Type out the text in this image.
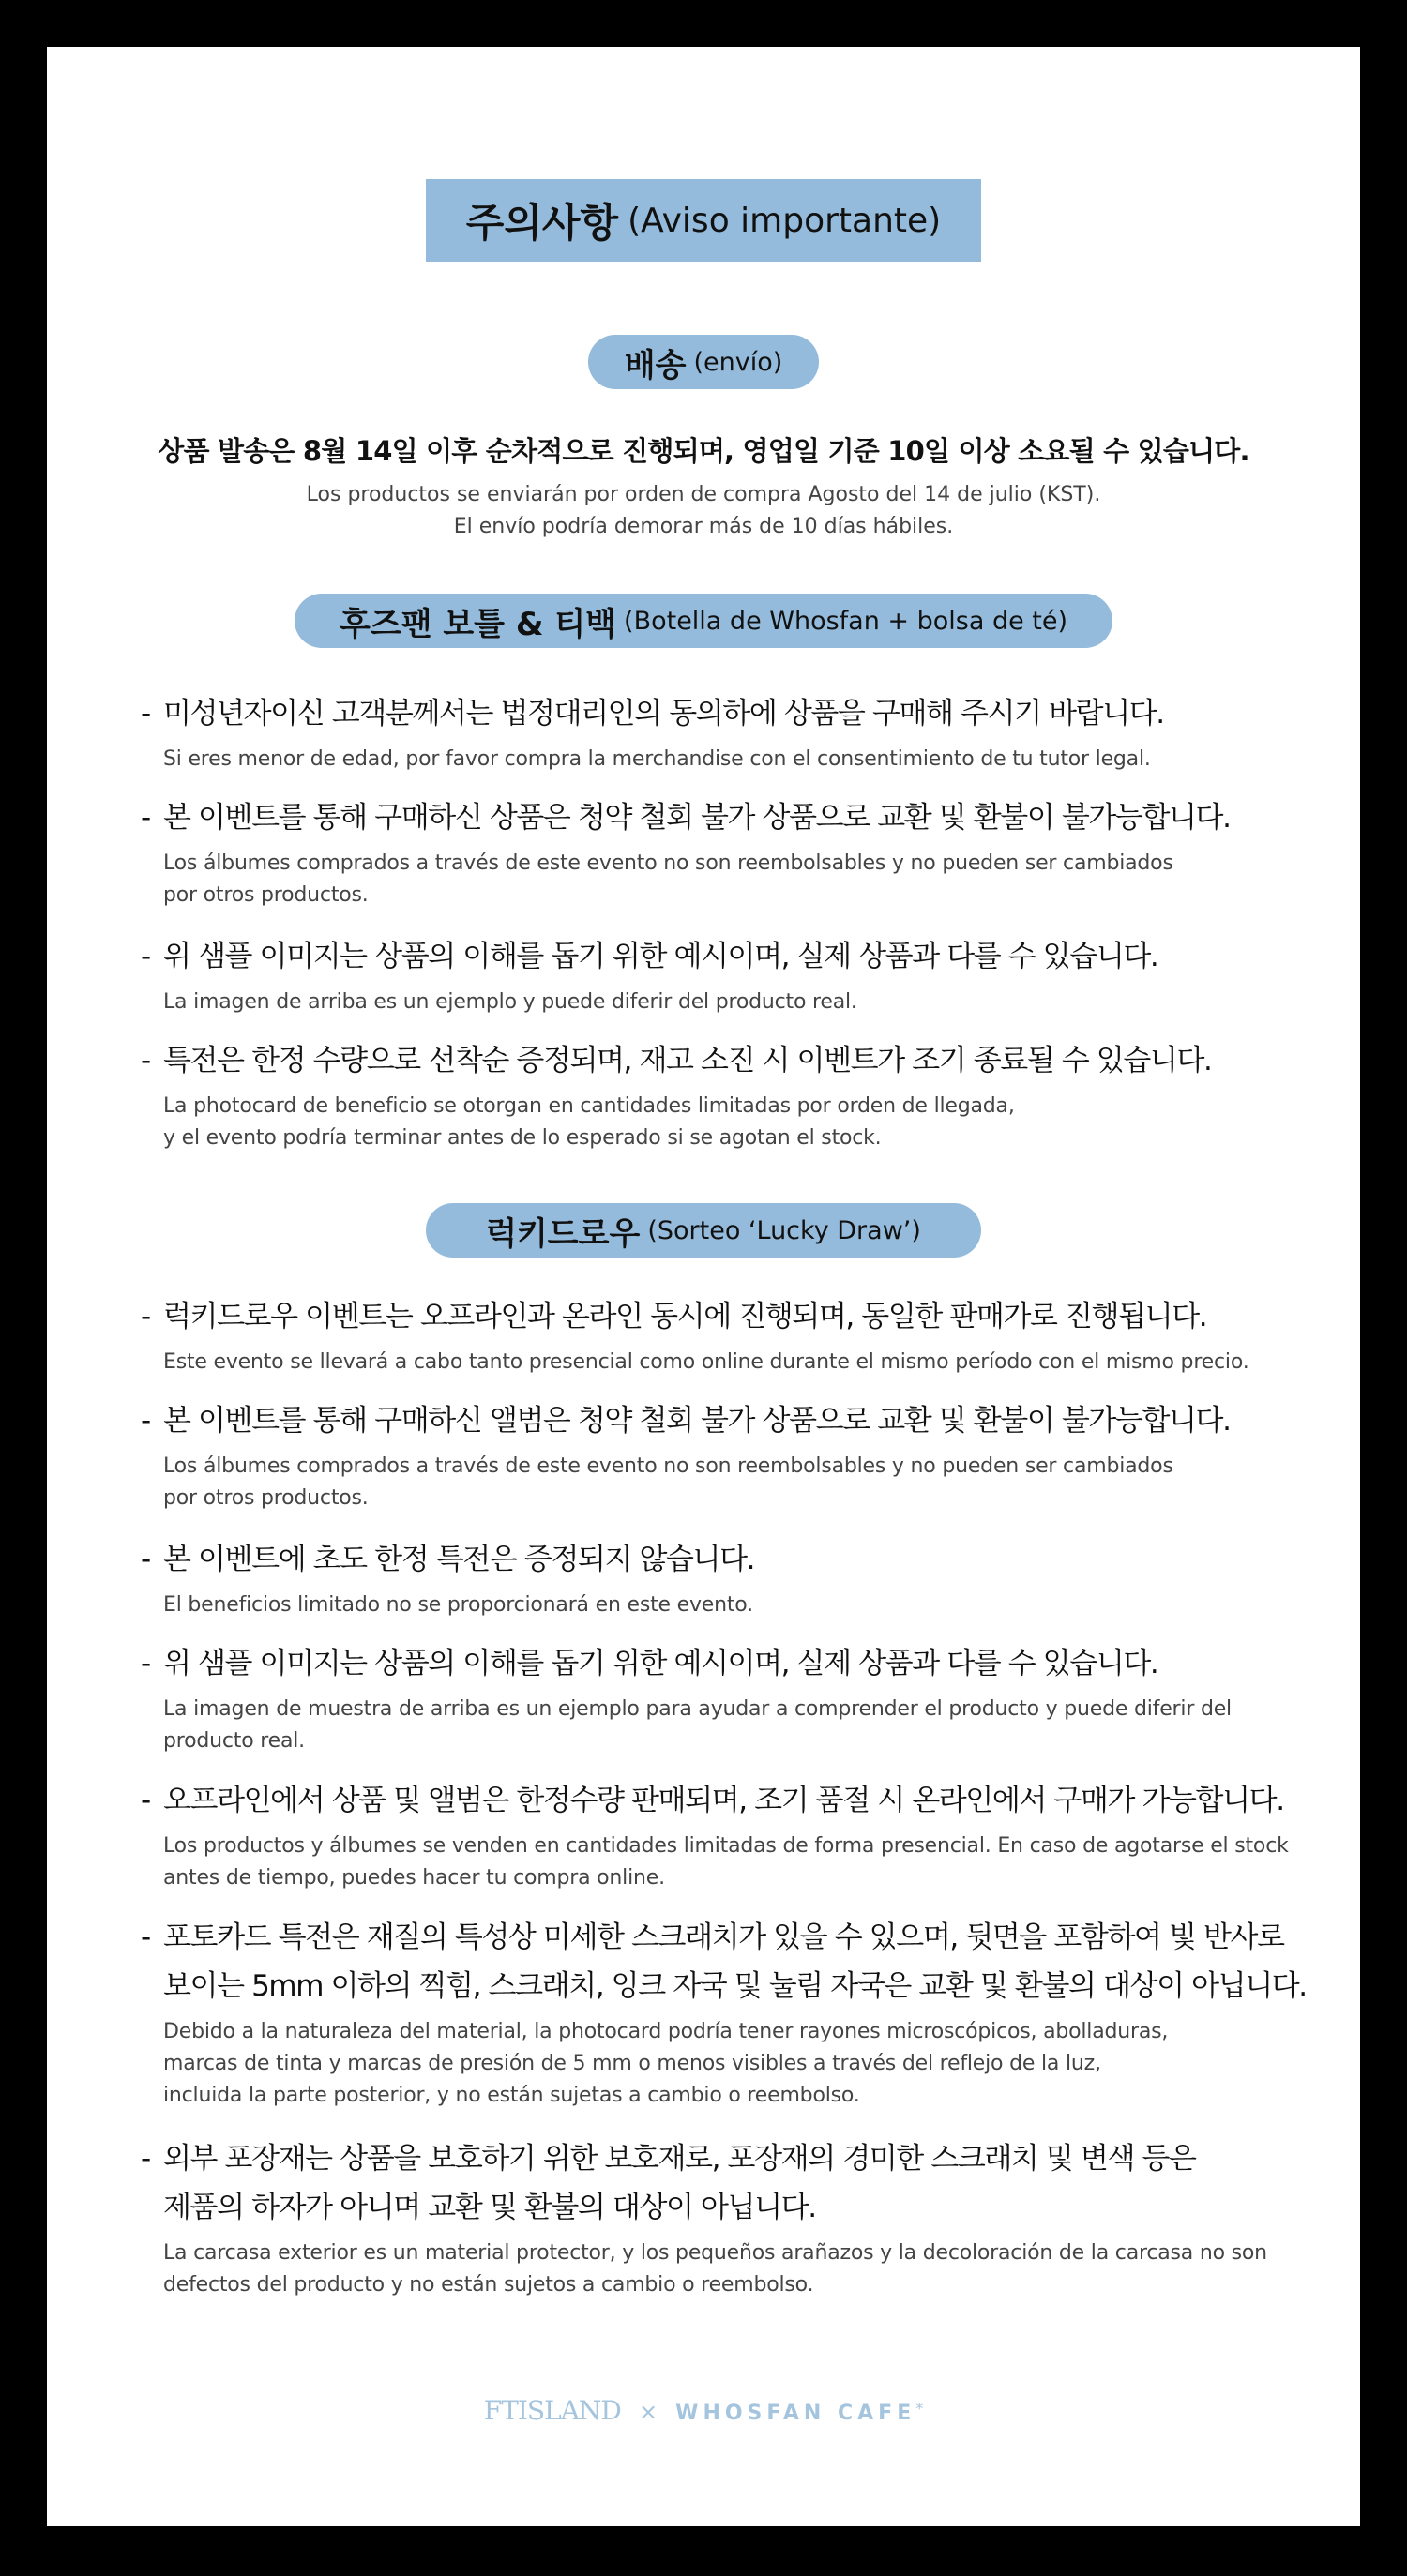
주의사항 (Aviso importante)
배송 (envío)
상품 발송은 8월 14일 이후 순차적으로 진행되며, 영업일 기준 10일 이상 소요될 수 있습니다.
Los productos se enviarán por orden de compra Agosto del 14 de julio (KST).
El envío podría demorar más de 10 días hábiles.
후즈팬 보틀 & 티백 (Botella de Whosfan + bolsa de té)
- 미성년자이신 고객분께서는 법정대리인의 동의하에 상품을 구매해 주시기 바랍니다.
Si eres menor de edad, por favor compra la merchandise con el consentimiento de tu tutor legal.
- 본 이벤트를 통해 구매하신 상품은 청약 철회 불가 상품으로 교환 및 환불이 불가능합니다.
Los álbumes comprados a través de este evento no son reembolsables y no pueden ser cambiados
por otros productos.
- 위 샘플 이미지는 상품의 이해를 돕기 위한 예시이며, 실제 상품과 다를 수 있습니다.
La imagen de arriba es un ejemplo y puede diferir del producto real.
- 특전은 한정 수량으로 선착순 증정되며, 재고 소진 시 이벤트가 조기 종료될 수 있습니다.
La photocard de beneficio se otorgan en cantidades limitadas por orden de llegada,
y el evento podría terminar antes de lo esperado si se agotan el stock.
럭키드로우 (Sorteo ‘Lucky Draw’)
- 럭키드로우 이벤트는 오프라인과 온라인 동시에 진행되며, 동일한 판매가로 진행됩니다.
Este evento se llevará a cabo tanto presencial como online durante el mismo período con el mismo precio.
- 본 이벤트를 통해 구매하신 앨범은 청약 철회 불가 상품으로 교환 및 환불이 불가능합니다.
Los álbumes comprados a través de este evento no son reembolsables y no pueden ser cambiados
por otros productos.
- 본 이벤트에 초도 한정 특전은 증정되지 않습니다.
El beneficios limitado no se proporcionará en este evento.
- 위 샘플 이미지는 상품의 이해를 돕기 위한 예시이며, 실제 상품과 다를 수 있습니다.
La imagen de muestra de arriba es un ejemplo para ayudar a comprender el producto y puede diferir del
producto real.
- 오프라인에서 상품 및 앨범은 한정수량 판매되며, 조기 품절 시 온라인에서 구매가 가능합니다.
Los productos y álbumes se venden en cantidades limitadas de forma presencial. En caso de agotarse el stock
antes de tiempo, puedes hacer tu compra online.
- 포토카드 특전은 재질의 특성상 미세한 스크래치가 있을 수 있으며, 뒷면을 포함하여 빛 반사로
보이는 5mm 이하의 찍힘, 스크래치, 잉크 자국 및 눌림 자국은 교환 및 환불의 대상이 아닙니다.
Debido a la naturaleza del material, la photocard podría tener rayones microscópicos, abolladuras,
marcas de tinta y marcas de presión de 5 mm o menos visibles a través del reflejo de la luz,
incluida la parte posterior, y no están sujetas a cambio o reembolso.
- 외부 포장재는 상품을 보호하기 위한 보호재로, 포장재의 경미한 스크래치 및 변색 등은
제품의 하자가 아니며 교환 및 환불의 대상이 아닙니다.
La carcasa exterior es un material protector, y los pequeños arañazos y la decoloración de la carcasa no son
defectos del producto y no están sujetos a cambio o reembolso.
FTISLAND × WHOSFAN CAFE*
